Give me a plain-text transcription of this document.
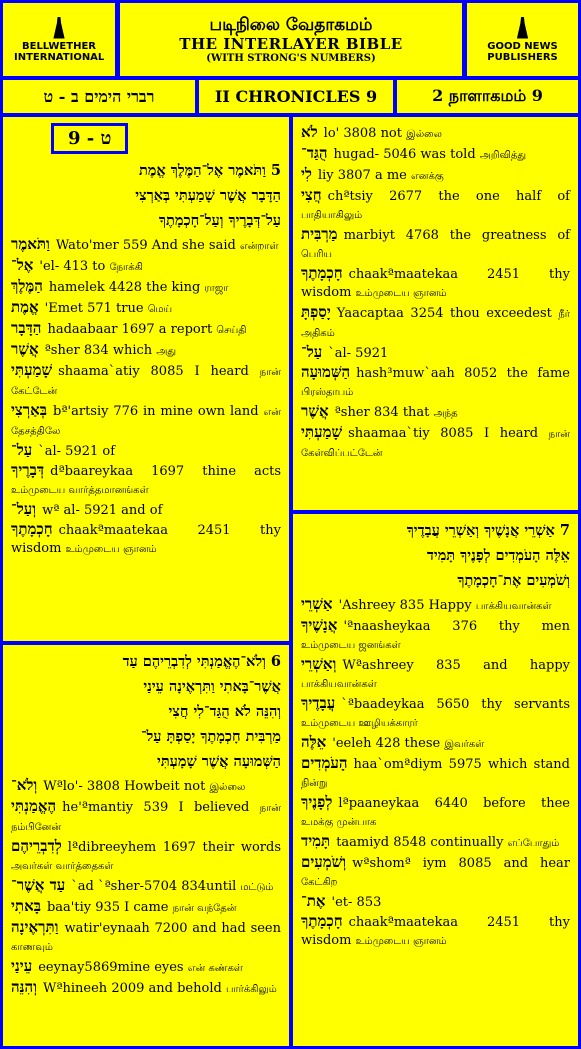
BELLWETHER INTERNATIONAL
படிநிலை வேதாகமம்
THE INTERLAYER BIBLE
(WITH STRONG'S NUMBERS)
GOOD NEWS PUBLISHERS
רברי הימים ב - ט	II CHRONICLES 9	2 நாளாகமம் 9
ט - 9
5 וַתֹּאמֶר אֶל־הַמֶּלֶךְ אֱמֶת
הַדָּבָר אֲשֶׁר שָׁמַעְתִּי בְּאַרְצִי
עַל־דְּבָרֶיךָ וְעַל־חָכְמָתֶךָ
וַתֹּאמֶר Wato'mer 559 And she said என்றாள்
אֶל־ 'el- 413 to நோக்கி
הַמֶּלֶךְ hamelek 4428 the king ராஜா
אֱמֶת 'Emet 571 true மெய்
הַדָּבָר hadaabaar 1697 a report செய்தி
אֲשֶׁר ªsher 834 which அது
שָׁמַעְתִּי shaama`atiy 8085 I heard நான் கேட்டேன்
בְּאַרְצִי bª'artsiy 776 in mine own land என் தேசத்திலே
עַל־ `al- 5921 of
דְּבָרֶיךָ dªbaareykaa 1697 thine acts உம்முடைய வார்த்தமானங்கள்
וְעַל־ wª al- 5921 and of
חָכְמָתֶךָ chaakªmaatekaa 2451 thy wisdom உம்முடைய ஞானம்
6 וְלֹא־הֶאֱמַנְתִּי לְדִבְרֵיהֶם עַד
אֲשֶׁר־בָּאתִי וַתִּרְאֶינָה עֵינַי
וְהִנֵּה לֹא הֻגַּד־לִי חֲצִי
מַרְבִּית חָכְמָתֶךָ יָסַפְתָּ עַל־
הַשְּׁמוּעָה אֲשֶׁר שָׁמָעְתִּי
וְלֹא־ Wªlo'- 3808 Howbeit not இல்லை
הֶאֱמַנְתִּי he'ªmantiy 539 I believed நான் நம்பினேன்
לְדִבְרֵיהֶם lªdibreeyhem 1697 their words அவர்கள் வார்த்தைகள்
עַד אֲשֶׁר־ `ad `ªsher-5704 834until மட்டும்
בָּאתִי baa'tiy 935 I came நான் வந்தேன்
וַתִּרְאֶינָה watir'eynaah 7200 and had seen காணவும்
עֵינַי eeynay5869mine eyes என் கண்கள்
וְהִנֵּה Wªhineeh 2009 and behold பார்க்கிலும்
לֹא lo' 3808 not இல்லை
הֻגַּד־ hugad- 5046 was told அறிவித்து
לִי liy 3807 a me எனக்கு
חֲצִי chªtsiy 2677 the one half of பாதியாகிலும்
מַרְבִּית marbiyt 4768 the greatness of பெரிய
חָכְמָתֶךָ chaakªmaatekaa 2451 thy wisdom உம்முடைய ஞானம்
יָסַפְתָּ Yaacaptaa 3254 thou exceedest நீர் அதிகம்
עַל־ `al- 5921
הַשְּׁמוּעָה hash³muw`aah 8052 the fame பிரஸ்தாபம்
אֲשֶׁר ªsher 834 that அந்த
שָׁמַעְתִּי shaamaa`tiy 8085 I heard நான் கேள்விப்பட்டேன்
7 אַשְׁרֵי אֲנָשֶׁיךָ וְאַשְׁרֵי עֲבָדֶיךָ
אֵלֶּה הָעֹמְדִים לְפָנֶיךָ תָּמִיד
וְשֹׁמְעִים אֶת־חָכְמָתֶךָ
אַשְׁרֵי 'Ashreey 835 Happy பாக்கியவான்கள்
אֲנָשֶׁיךָ 'ªnaasheykaa 376 thy men உம்முடைய ஜனங்கள்
וְאַשְׁרֵי Wªashreey 835 and happy பாக்கியவான்கள்
עֲבָדֶיךָ `ªbaadeykaa 5650 thy servants உம்முடைய ஊழியக்காரர்
אֵלֶּה 'eeleh 428 these இவர்கள்
הָעֹמְדִים haa`omªdiym 5975 which stand நின்று
לְפָנֶיךָ lªpaaneykaa 6440 before thee உமக்கு முன்பாக
תָּמִיד taamiyd 8548 continually எப்போதும்
וְשֹׁמְעִים wªshomª iym 8085 and hear கேட்கிற
אֶת־ 'et- 853
חָכְמָתֶךָ chaakªmaatekaa 2451 thy wisdom உம்முடைய ஞானம்
